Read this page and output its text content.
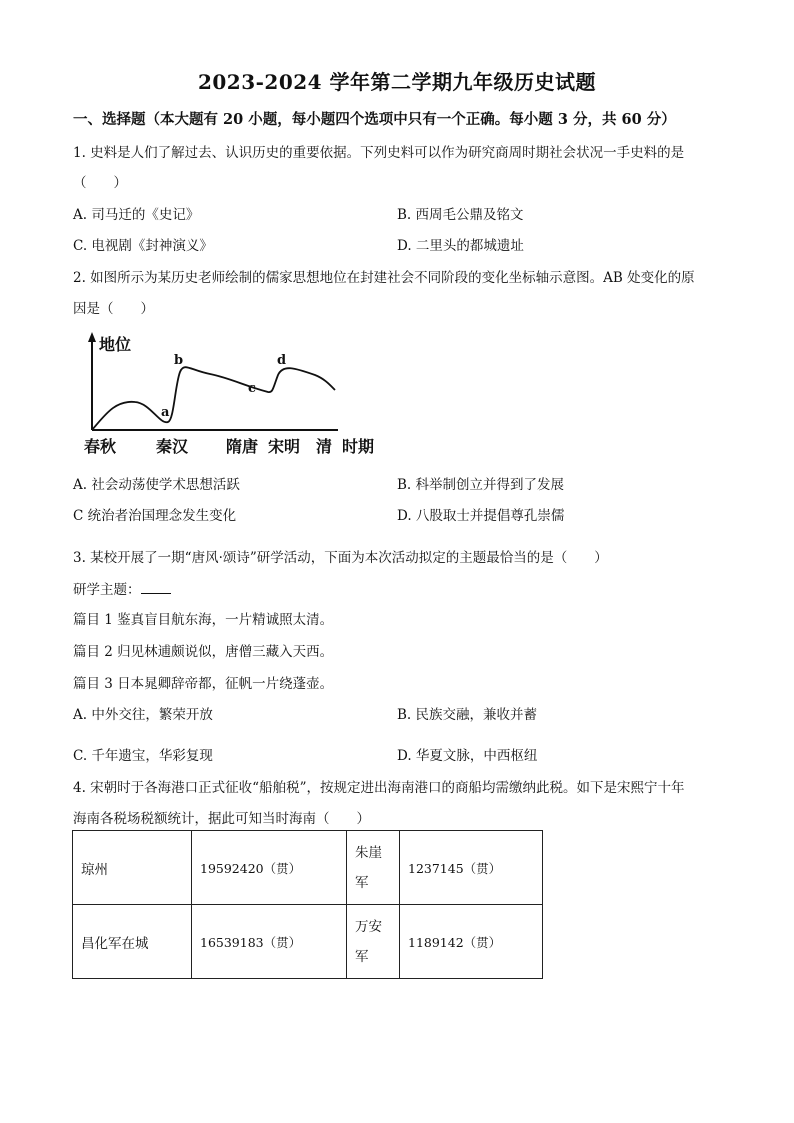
2023-2024 学年第二学期九年级历史试题
一、选择题（本大题有 20 小题，每小题四个选项中只有一个正确。每小题 3 分，共 60 分）
1. 史料是人们了解过去、认识历史的重要依据。下列史料可以作为研究商周时期社会状况一手史料的是
（　　）
A. 司马迁的《史记》	B. 西周毛公鼎及铭文
C. 电视剧《封神演义》	D. 二里头的都城遗址
2. 如图所示为某历史老师绘制的儒家思想地位在封建社会不同阶段的变化坐标轴示意图。AB 处变化的原
因是（　　）
地位
a
b
c
d
春秋 秦汉 隋唐 宋明 清 时期
A. 社会动荡使学术思想活跃	B. 科举制创立并得到了发展
C 统治者治国理念发生变化	D. 八股取士并提倡尊孔崇儒
3. 某校开展了一期“唐风·颂诗”研学活动，下面为本次活动拟定的主题最恰当的是（　　）
研学主题：
篇目 1 鉴真盲目航东海，一片精诚照太清。
篇目 2 归见林逋颇说似，唐僧三藏入天西。
篇目 3 日本晁卿辞帝都，征帆一片绕蓬壶。
A. 中外交往，繁荣开放	B. 民族交融，兼收并蓄
C. 千年遗宝，华彩复现	D. 华夏文脉，中西枢纽
4. 宋朝时于各海港口正式征收“船舶税”，按规定进出海南港口的商船均需缴纳此税。如下是宋熙宁十年
海南各税场税额统计，据此可知当时海南（　　）
琼州	19592420（贯）	朱崖军	1237145（贯）
昌化军在城	16539183（贯）	万安军	1189142（贯）
